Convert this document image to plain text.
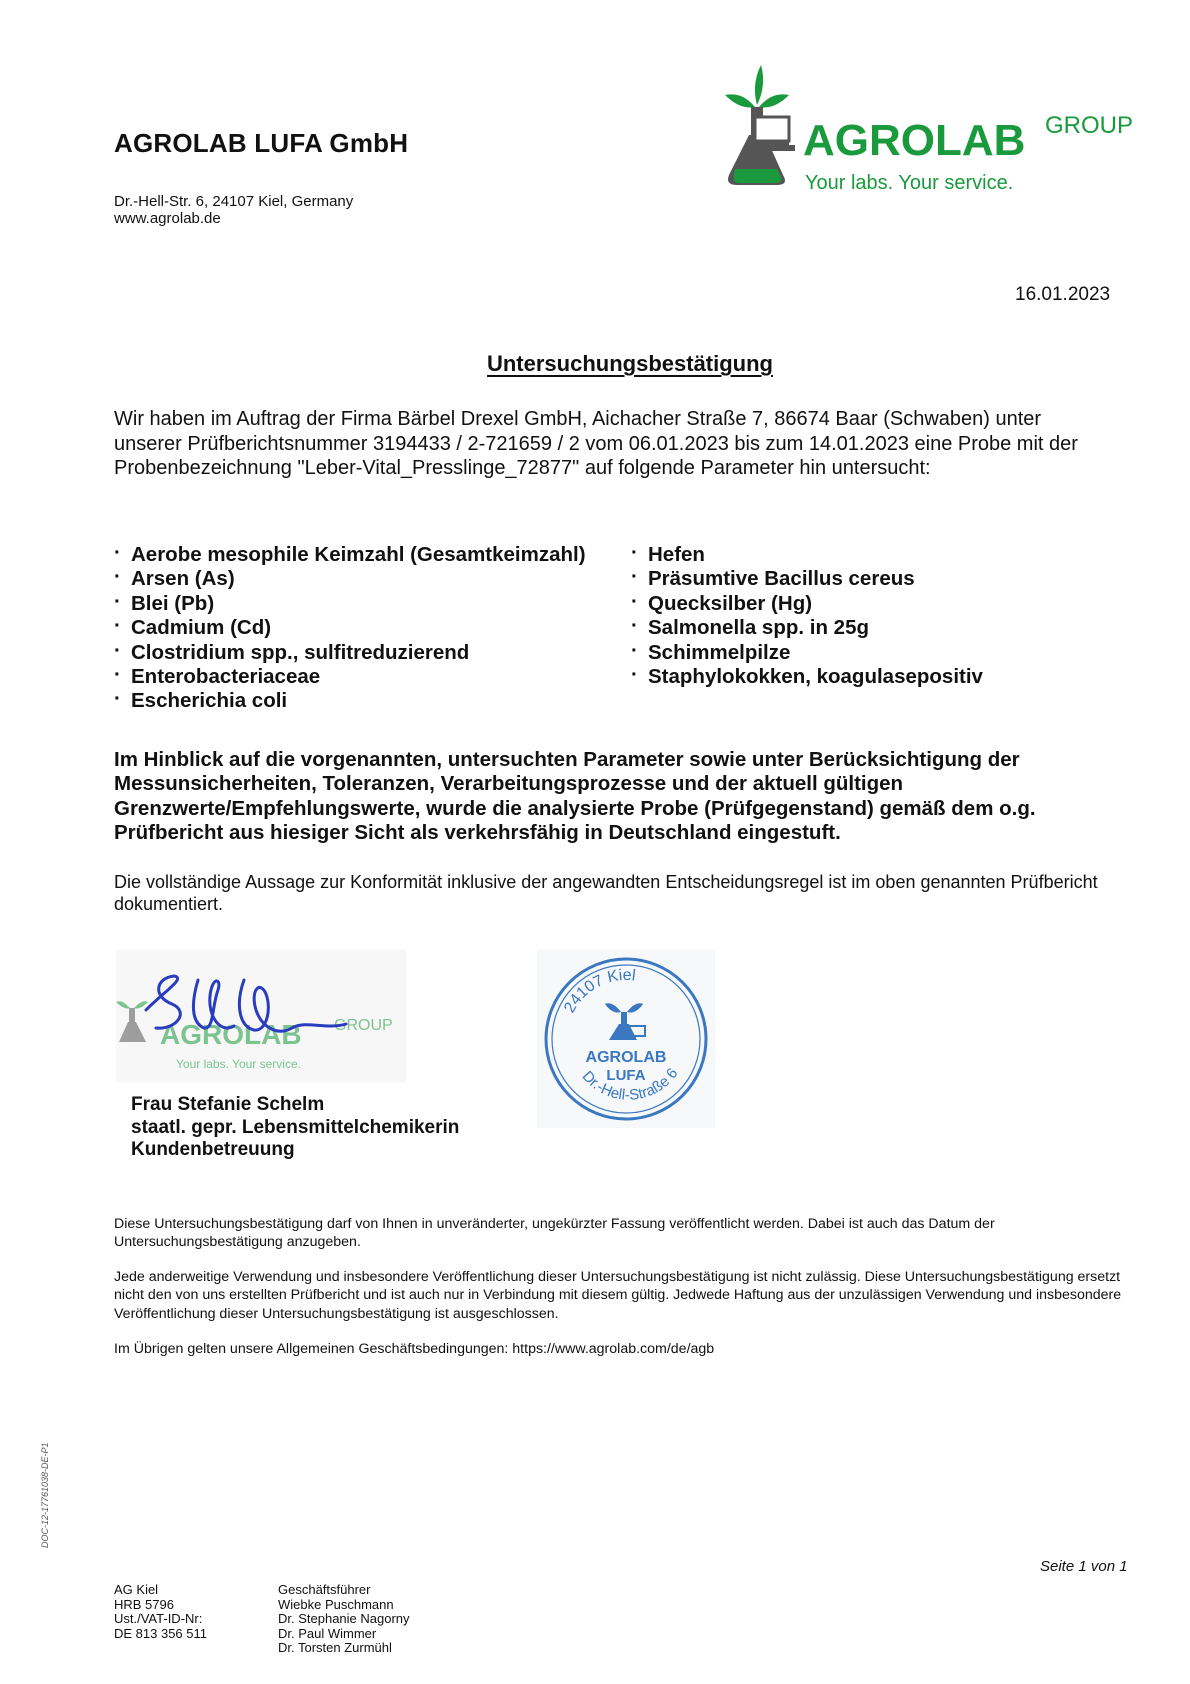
AGROLAB LUFA GmbH
Dr.-Hell-Str. 6, 24107 Kiel, Germany
www.agrolab.de
AGROLAB GROUP
Your labs. Your service.
16.01.2023
Untersuchungsbestätigung
Wir haben im Auftrag der Firma Bärbel Drexel GmbH, Aichacher Straße 7, 86674 Baar (Schwaben) unter unserer Prüfberichtsnummer 3194433 / 2-721659 / 2 vom 06.01.2023 bis zum 14.01.2023 eine Probe mit der Probenbezeichnung "Leber-Vital_Presslinge_72877" auf folgende Parameter hin untersucht:
· Aerobe mesophile Keimzahl (Gesamtkeimzahl)
· Arsen (As)
· Blei (Pb)
· Cadmium (Cd)
· Clostridium spp., sulfitreduzierend
· Enterobacteriaceae
· Escherichia coli
· Hefen
· Präsumtive Bacillus cereus
· Quecksilber (Hg)
· Salmonella spp. in 25g
· Schimmelpilze
· Staphylokokken, koagulasepositiv
Im Hinblick auf die vorgenannten, untersuchten Parameter sowie unter Berücksichtigung der Messunsicherheiten, Toleranzen, Verarbeitungsprozesse und der aktuell gültigen Grenzwerte/Empfehlungswerte, wurde die analysierte Probe (Prüfgegenstand) gemäß dem o.g. Prüfbericht aus hiesiger Sicht als verkehrsfähig in Deutschland eingestuft.
Die vollständige Aussage zur Konformität inklusive der angewandten Entscheidungsregel ist im oben genannten Prüfbericht dokumentiert.
AGROLAB GROUP
Your labs. Your service.
24107 Kiel
Dr.-Hell-Straße 6
AGROLAB
LUFA
Frau Stefanie Schelm
staatl. gepr. Lebensmittelchemikerin
Kundenbetreuung
Diese Untersuchungsbestätigung darf von Ihnen in unveränderter, ungekürzter Fassung veröffentlicht werden. Dabei ist auch das Datum der Untersuchungsbestätigung anzugeben.
Jede anderweitige Verwendung und insbesondere Veröffentlichung dieser Untersuchungsbestätigung ist nicht zulässig. Diese Untersuchungsbestätigung ersetzt nicht den von uns erstellten Prüfbericht und ist auch nur in Verbindung mit diesem gültig. Jedwede Haftung aus der unzulässigen Verwendung und insbesondere Veröffentlichung dieser Untersuchungsbestätigung ist ausgeschlossen.
Im Übrigen gelten unsere Allgemeinen Geschäftsbedingungen: https://www.agrolab.com/de/agb
Seite 1 von 1
AG Kiel
HRB 5796
Ust./VAT-ID-Nr:
DE 813 356 511
Geschäftsführer
Wiebke Puschmann
Dr. Stephanie Nagorny
Dr. Paul Wimmer
Dr. Torsten Zurmühl
DOC-12-17761038-DE-P1
